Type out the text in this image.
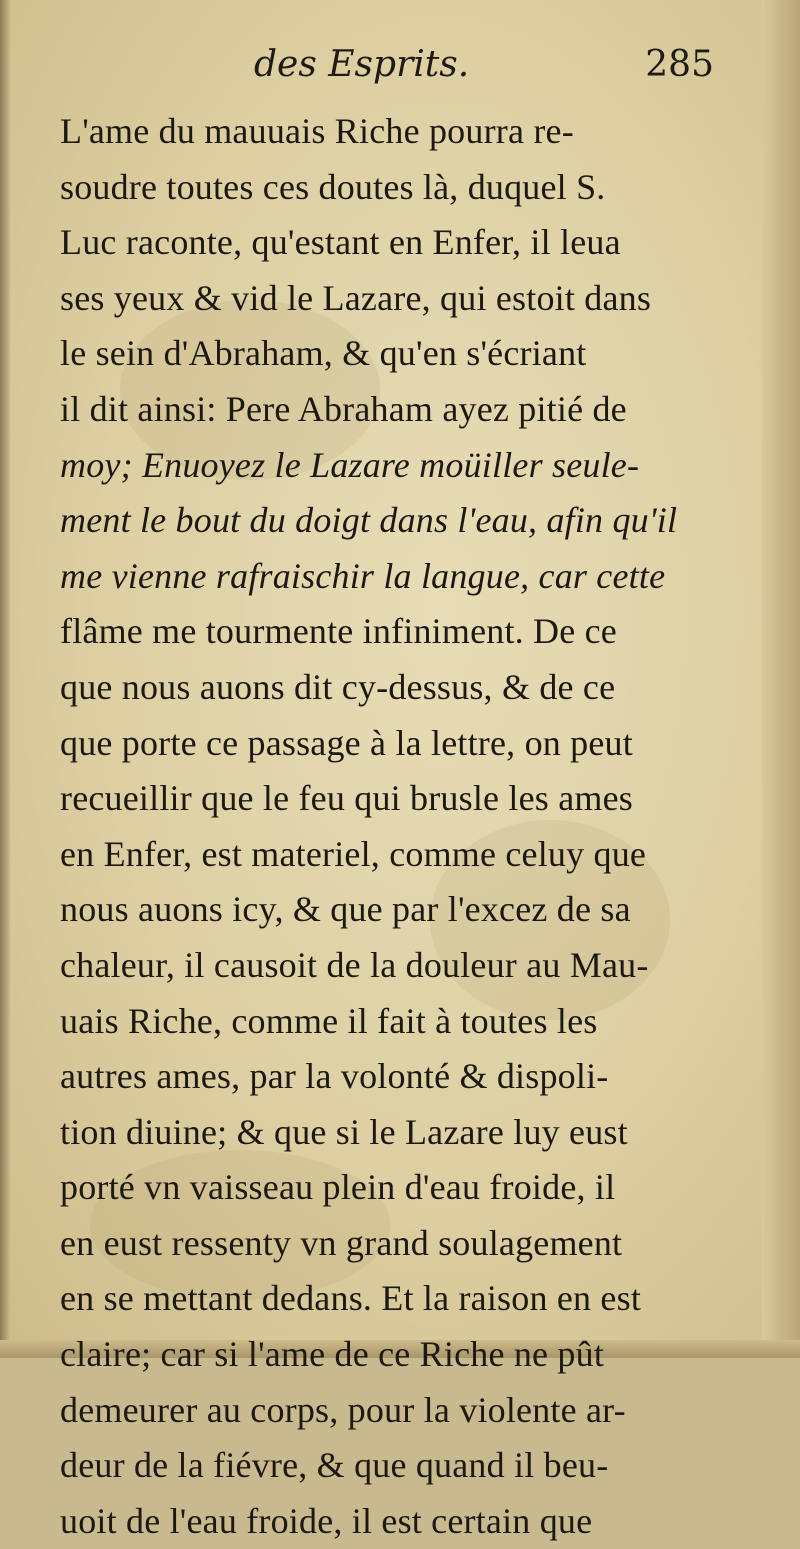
des Esprits.	285
L'ame du mauuais Riche pourra re-
soudre toutes ces doutes là, duquel S.
Luc raconte, qu'estant en Enfer, il leua
ses yeux & vid le Lazare, qui estoit dans
le sein d'Abraham, & qu'en s'écriant
il dit ainsi: Pere Abraham ayez pitié de
moy; Enuoyez le Lazare moüiller seule-
ment le bout du doigt dans l'eau, afin qu'il
me vienne rafraischir la langue, car cette
flâme me tourmente infiniment. De ce
que nous auons dit cy-dessus, & de ce
que porte ce passage à la lettre, on peut
recueillir que le feu qui brusle les ames
en Enfer, est materiel, comme celuy que
nous auons icy, & que par l'excez de sa
chaleur, il causoit de la douleur au Mau-
uais Riche, comme il fait à toutes les
autres ames, par la volonté & dispoli-
tion diuine; & que si le Lazare luy eust
porté vn vaisseau plein d'eau froide, il
en eust ressenty vn grand soulagement
en se mettant dedans. Et la raison en est
claire; car si l'ame de ce Riche ne pût
demeurer au corps, pour la violente ar-
deur de la fiévre, & que quand il beu-
uoit de l'eau froide, il est certain que
